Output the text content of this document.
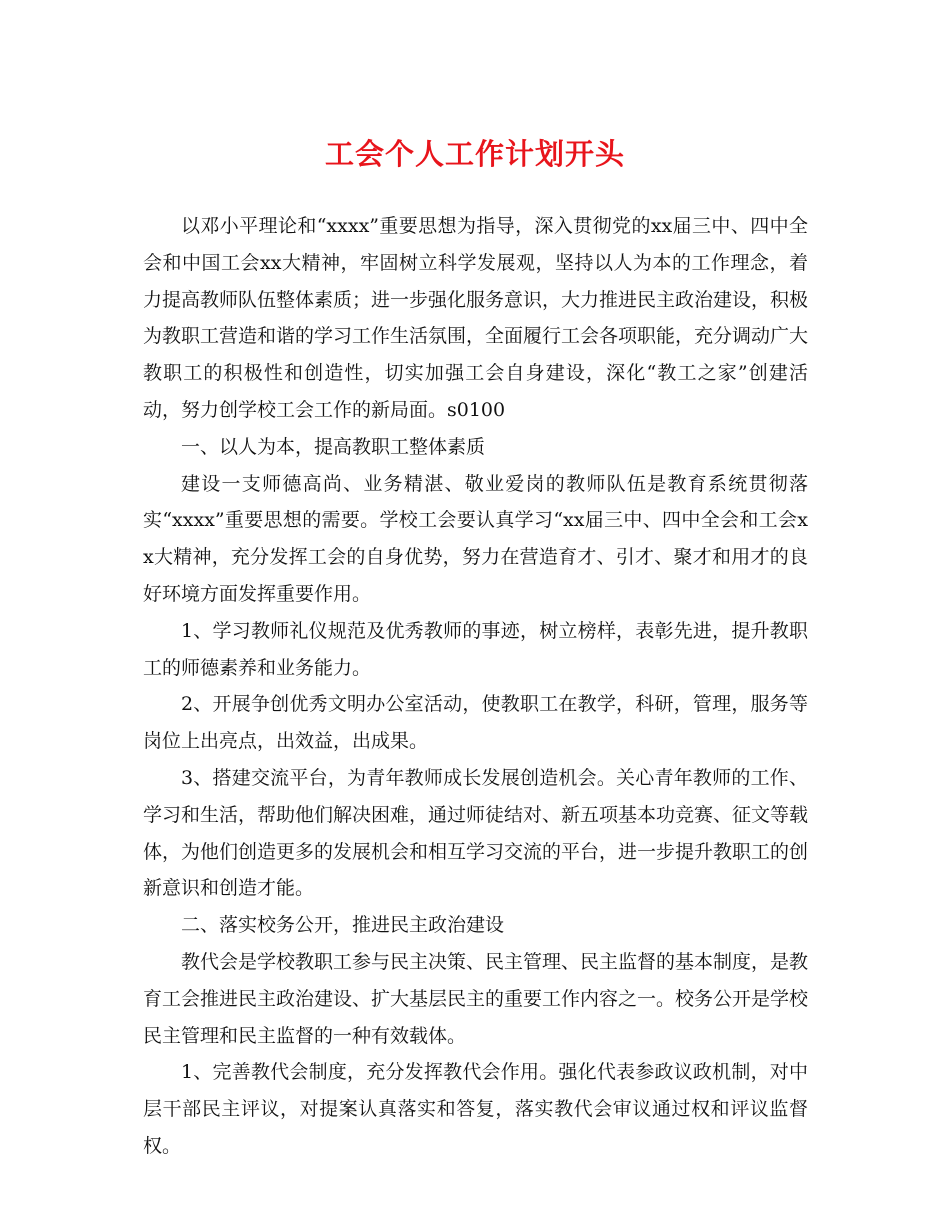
工会个人工作计划开头

以邓小平理论和“xxxx”重要思想为指导，深入贯彻党的xx届三中、四中全会和中国工会xx大精神，牢固树立科学发展观，坚持以人为本的工作理念，着力提高教师队伍整体素质；进一步强化服务意识，大力推进民主政治建设，积极为教职工营造和谐的学习工作生活氛围，全面履行工会各项职能，充分调动广大教职工的积极性和创造性，切实加强工会自身建设，深化“教工之家”创建活动，努力创学校工会工作的新局面。s0100

一、以人为本，提高教职工整体素质

建设一支师德高尚、业务精湛、敬业爱岗的教师队伍是教育系统贯彻落实“xxxx”重要思想的需要。学校工会要认真学习“xx届三中、四中全会和工会xx大精神，充分发挥工会的自身优势，努力在营造育才、引才、聚才和用才的良好环境方面发挥重要作用。

1、学习教师礼仪规范及优秀教师的事迹，树立榜样，表彰先进，提升教职工的师德素养和业务能力。

2、开展争创优秀文明办公室活动，使教职工在教学，科研，管理，服务等岗位上出亮点，出效益，出成果。

3、搭建交流平台，为青年教师成长发展创造机会。关心青年教师的工作、学习和生活，帮助他们解决困难，通过师徒结对、新五项基本功竞赛、征文等载体，为他们创造更多的发展机会和相互学习交流的平台，进一步提升教职工的创新意识和创造才能。

二、落实校务公开，推进民主政治建设

教代会是学校教职工参与民主决策、民主管理、民主监督的基本制度，是教育工会推进民主政治建设、扩大基层民主的重要工作内容之一。校务公开是学校民主管理和民主监督的一种有效载体。

1、完善教代会制度，充分发挥教代会作用。强化代表参政议政机制，对中层干部民主评议，对提案认真落实和答复，落实教代会审议通过权和评议监督权。
